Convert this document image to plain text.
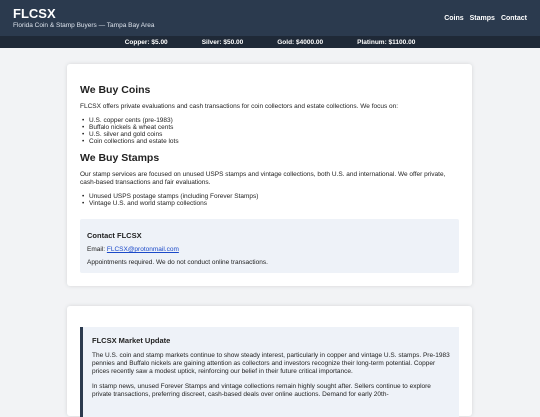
FLCSX
Florida Coin & Stamp Buyers — Tampa Bay Area
Coins Stamps Contact
Copper: $5.00	Silver: $50.00	Gold: $4000.00	Platinum: $1100.00
We Buy Coins

FLCSX offers private evaluations and cash transactions for coin collectors and estate collections. We focus on:

• U.S. copper cents (pre-1983)
• Buffalo nickels & wheat cents
• U.S. silver and gold coins
• Coin collections and estate lots
We Buy Stamps

Our stamp services are focused on unused USPS stamps and vintage collections, both U.S. and international. We offer private, cash-based transactions and fair evaluations.

• Unused USPS postage stamps (including Forever Stamps)
• Vintage U.S. and world stamp collections
Contact FLCSX

Email: FLCSX@protonmail.com

Appointments required. We do not conduct online transactions.

FLCSX Market Update

The U.S. coin and stamp markets continue to show steady interest, particularly in copper and vintage U.S. stamps. Pre-1983 pennies and Buffalo nickels are gaining attention as collectors and investors recognize their long-term potential. Copper prices recently saw a modest uptick, reinforcing our belief in their future critical importance.

In stamp news, unused Forever Stamps and vintage collections remain highly sought after. Sellers continue to explore private transactions, preferring discreet, cash-based deals over online auctions. Demand for early 20th-
